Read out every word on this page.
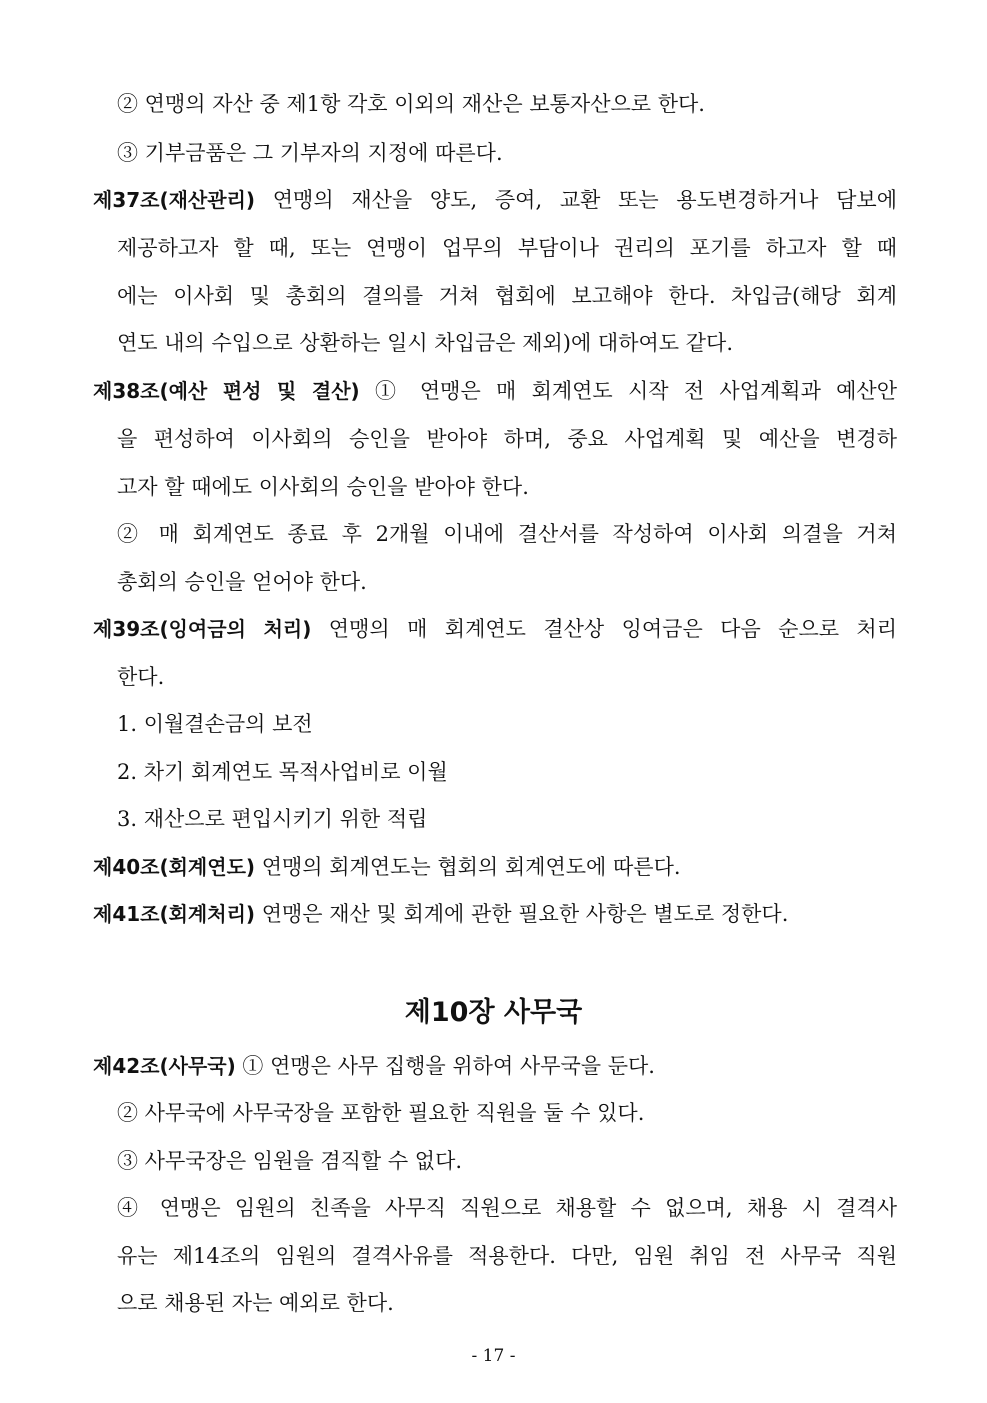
② 연맹의 자산 중 제1항 각호 이외의 재산은 보통자산으로 한다.
③ 기부금품은 그 기부자의 지정에 따른다.
제37조(재산관리) 연맹의 재산을 양도, 증여, 교환 또는 용도변경하거나 담보에
제공하고자 할 때, 또는 연맹이 업무의 부담이나 권리의 포기를 하고자 할 때
에는 이사회 및 총회의 결의를 거쳐 협회에 보고해야 한다. 차입금(해당 회계
연도 내의 수입으로 상환하는 일시 차입금은 제외)에 대하여도 같다.
제38조(예산 편성 및 결산) ① 연맹은 매 회계연도 시작 전 사업계획과 예산안
을 편성하여 이사회의 승인을 받아야 하며, 중요 사업계획 및 예산을 변경하
고자 할 때에도 이사회의 승인을 받아야 한다.
② 매 회계연도 종료 후 2개월 이내에 결산서를 작성하여 이사회 의결을 거쳐
총회의 승인을 얻어야 한다.
제39조(잉여금의 처리) 연맹의 매 회계연도 결산상 잉여금은 다음 순으로 처리
한다.
1. 이월결손금의 보전
2. 차기 회계연도 목적사업비로 이월
3. 재산으로 편입시키기 위한 적립
제40조(회계연도) 연맹의 회계연도는 협회의 회계연도에 따른다.
제41조(회계처리) 연맹은 재산 및 회계에 관한 필요한 사항은 별도로 정한다.
제10장 사무국
제42조(사무국) ① 연맹은 사무 집행을 위하여 사무국을 둔다.
② 사무국에 사무국장을 포함한 필요한 직원을 둘 수 있다.
③ 사무국장은 임원을 겸직할 수 없다.
④ 연맹은 임원의 친족을 사무직 직원으로 채용할 수 없으며, 채용 시 결격사
유는 제14조의 임원의 결격사유를 적용한다. 다만, 임원 취임 전 사무국 직원
으로 채용된 자는 예외로 한다.
- 17 -
